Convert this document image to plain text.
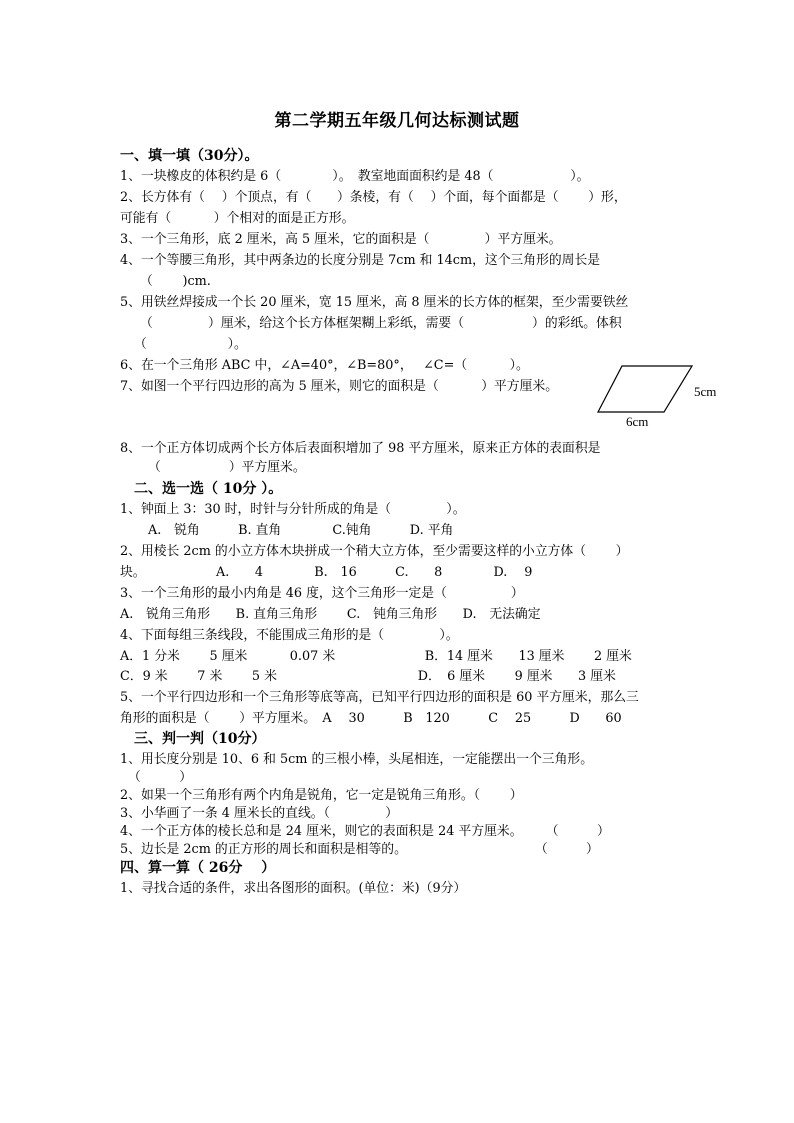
第二学期五年级几何达标测试题
一、填一填（30分）。
1、一块橡皮的体积约是 6（　　　　）。　教室地面面积约是 48（　　　　　　）。
2、长方体有（　 ）个顶点，有（　　）条棱，有（　 ）个面，每个面都是（　　 ）形，
可能有（　　　 ）个相对的面是正方形。
3、一个三角形，底 2 厘米，高 5 厘米，它的面积是（　　　　 ）平方厘米。
4、一个等腰三角形，其中两条边的长度分别是 7cm 和 14cm，这个三角形的周长是
（　　 )cm.
5、用铁丝焊接成一个长 20 厘米，宽 15 厘米，高 8 厘米的长方体的框架，至少需要铁丝
（　　　　 ）厘米，给这个长方体框架糊上彩纸，需要（　　　　　 ）的彩纸。体积
（　　　　　　 ）。
6、在一个三角形 ABC 中，∠A=40°，∠B=80°，　 ∠C=（　　　 ）。
7、如图一个平行四边形的高为 5 厘米，则它的面积是（　　　 ）平方厘米。	5cm
6cm
8、一个正方体切成两个长方体后表面积增加了 98 平方厘米，原来正方体的表面积是
（　　　　　 ）平方厘米。
二、选一选（ 10分 ）。
1、钟面上 3：30 时，时针与分针所成的角是（　　　　 ）。
A.　锐角　　　B. 直角　　　　C.钝角　　　D. 平角
2、用棱长 2cm 的小立方体木块拼成一个稍大立方体，至少需要这样的小立方体（　　 ）
块。　　　　　　A.　　4　　　　B.　16　　　C.　　8　　　　D.　 9
3、一个三角形的最小内角是 46 度，这个三角形一定是（　　　　　）
A.　锐角三角形　　B. 直角三角形　　 C.　钝角三角形　　D.　无法确定
4、下面每组三条线段，不能围成三角形的是（　　　　 ）。
A．1 分米　　 5 厘米　　　 0.07 米　　　　　　　B．14 厘米　　13 厘米　　 2 厘米
C．9 米　　 7 米　　 5 米　　　　　　　　　　　D．　6 厘米　　 9 厘米　　3 厘米
5、一个平行四边形和一个三角形等底等高，已知平行四边形的面积是 60 平方厘米，那么三
角形的面积是（　　 ）平方厘米。　A　 30　　　B　120　　　C　 25　　　D　　60
三、判一判（10分）
1、用长度分别是 10、6 和 5cm 的三根小棒，头尾相连，一定能摆出一个三角形。
（　　　）
2、如果一个三角形有两个内角是锐角，它一定是锐角三角形。（　　 ）
3、小华画了一条 4 厘米长的直线。（　　　　 ）
4、一个正方体的棱长总和是 24 厘米，则它的表面积是 24 平方厘米。　　 （　　　）
5、边长是 2cm 的正方形的周长和面积是相等的。　　　　　　　　　　　（　　　）
四、算一算（ 26分 　）
1、寻找合适的条件，求出各图形的面积。(单位：米)（9分）
